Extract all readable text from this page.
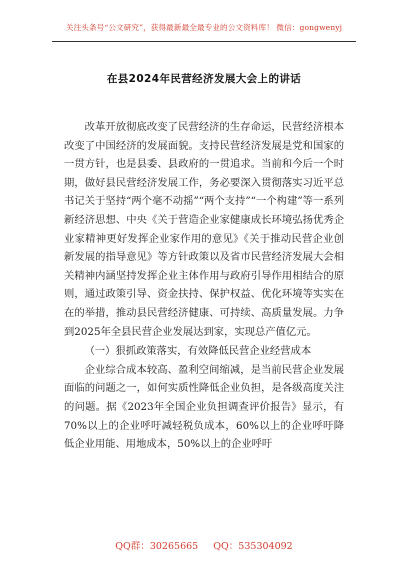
关注头条号“公文研究”，获得最新最全最专业的公文资料库！ 微信：gongwenyj
在县2024年民营经济发展大会上的讲话

改革开放彻底改变了民营经济的生存命运，民营经济根本改变了中国经济的发展面貌。支持民营经济发展是党和国家的一贯方针，也是县委、县政府的一贯追求。当前和今后一个时期，做好县民营经济发展工作，务必要深入贯彻落实习近平总书记关于坚持“两个毫不动摇”“两个支持”“一个构建”等一系列新经济思想、中央《关于营造企业家健康成长环境弘扬优秀企业家精神更好发挥企业家作用的意见》《关于推动民营企业创新发展的指导意见》等方针政策以及省市民营经济发展大会相关精神内涵坚持发挥企业主体作用与政府引导作用相结合的原则，通过政策引导、资金扶持、保护权益、优化环境等实实在在的举措，推动县民营经济健康、可持续、高质量发展。力争到2025年全县民营企业发展达到家，实现总产值亿元。

（一）狠抓政策落实，有效降低民营企业经营成本

企业综合成本较高、盈利空间缩减，是当前民营企业发展面临的问题之一，如何实质性降低企业负担，是各级高度关注的问题。据《2023年全国企业负担调查评价报告》显示，有70%以上的企业呼吁减轻税负成本，60%以上的企业呼吁降低企业用能、用地成本，50%以上的企业呼吁

QQ群：30265665 QQ：535304092
